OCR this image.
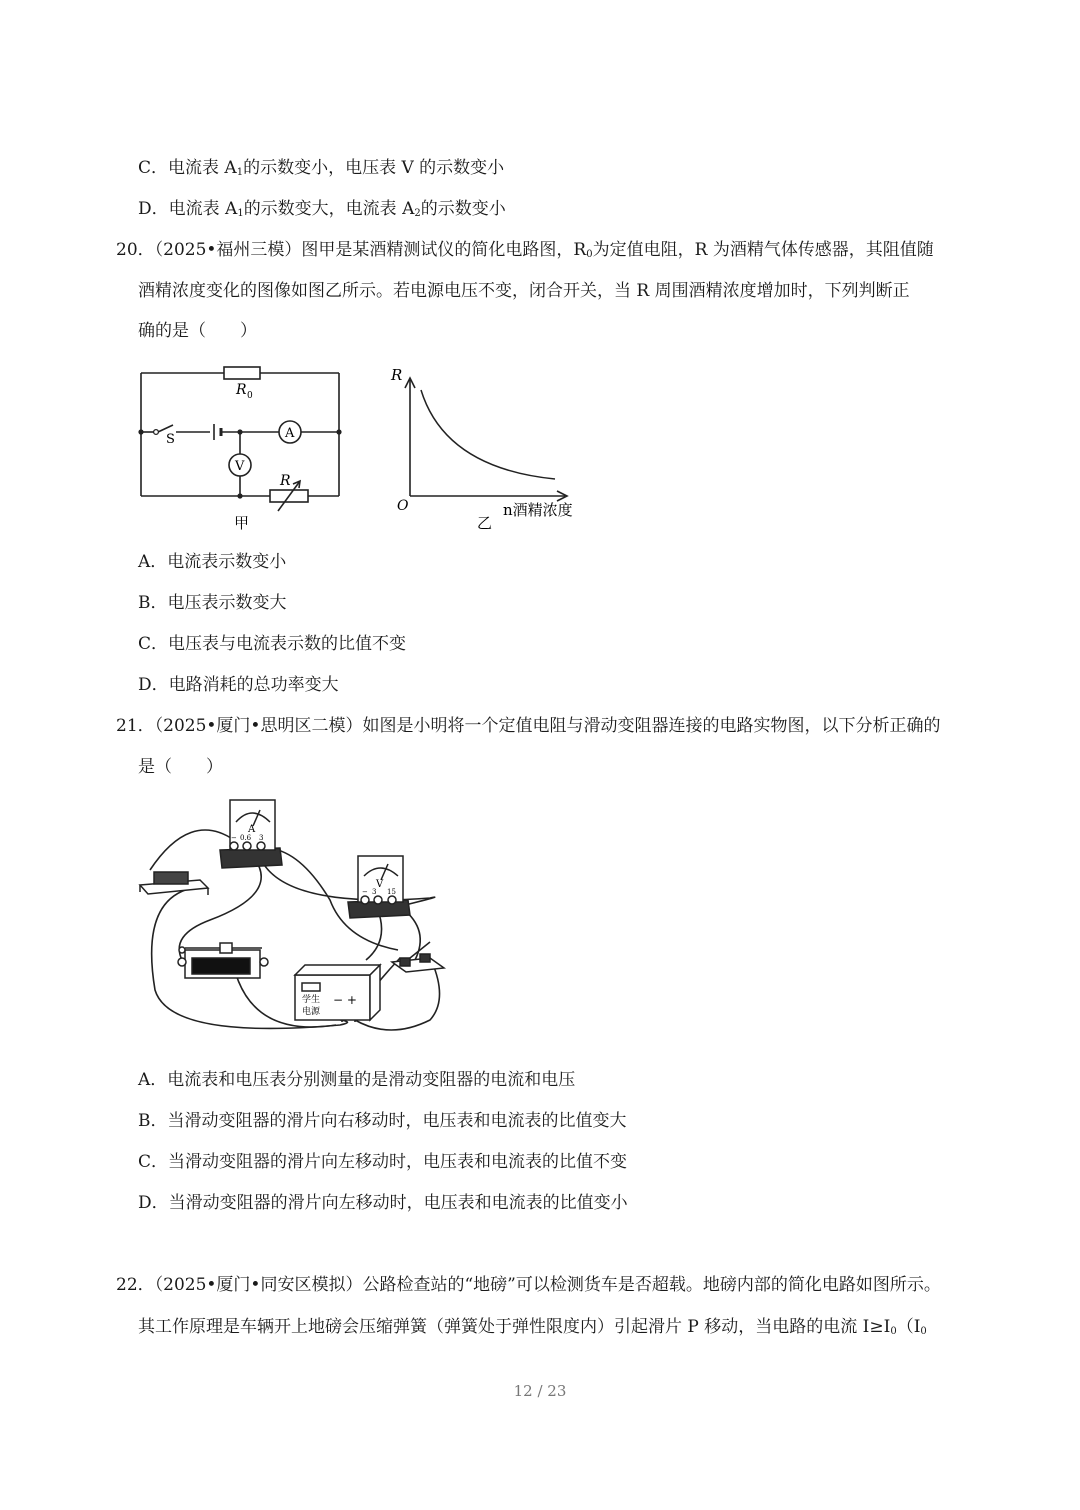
C．电流表 $A_1$的示数变小，电压表 V 的示数变小
D．电流表 $A_1$的示数变大，电流表 $A_2$的示数变小
20．（2025•福州三模）图甲是某酒精测试仪的简化电路图，$R_0$为定值电阻，R 为酒精气体传感器，其阻值随
酒精浓度变化的图像如图乙所示。若电源电压不变，闭合开关，当 R 周围酒精浓度增加时，下列判断正
确的是（　　）
R 0
S	A
V
R
甲
R
O	n酒精浓度
乙
A．电流表示数变小
B．电压表示数变大
C．电压表与电流表示数的比值不变
D．电路消耗的总功率变大
21．（2025•厦门•思明区二模）如图是小明将一个定值电阻与滑动变阻器连接的电路实物图，以下分析正确的
是（　　）
A
− 0.6 3
V
− 3 15
学生
电源
− +
A．电流表和电压表分别测量的是滑动变阻器的电流和电压
B．当滑动变阻器的滑片向右移动时，电压表和电流表的比值变大
C．当滑动变阻器的滑片向左移动时，电压表和电流表的比值不变
D．当滑动变阻器的滑片向左移动时，电压表和电流表的比值变小
22．（2025•厦门•同安区模拟）公路检查站的“地磅”可以检测货车是否超载。地磅内部的简化电路如图所示。
其工作原理是车辆开上地磅会压缩弹簧（弹簧处于弹性限度内）引起滑片 P 移动，当电路的电流 $I\ge I_0(I_0$
12 / 23
